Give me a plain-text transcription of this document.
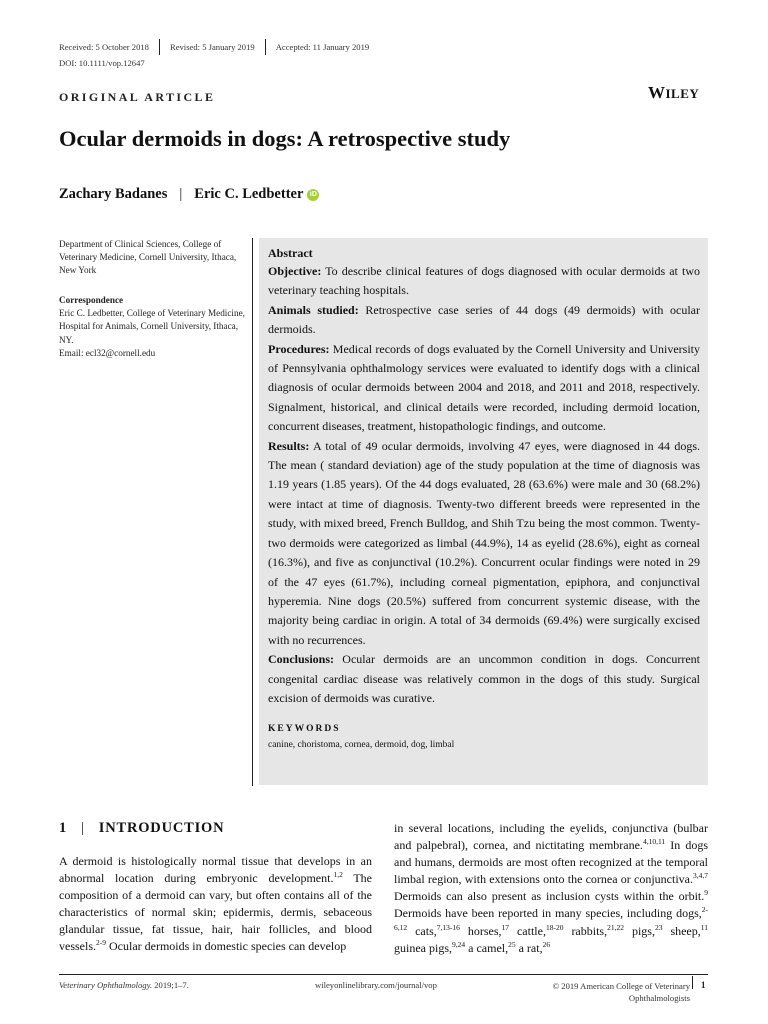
Received: 5 October 2018 Revised: 5 January 2019 Accepted: 11 January 2019
DOI: 10.1111/vop.12647
ORIGINAL ARTICLE	WILEY
Ocular dermoids in dogs: A retrospective study
Zachary Badanes | Eric C. Ledbetter iD
Department of Clinical Sciences, College of Veterinary Medicine, Cornell University, Ithaca, New York
Correspondence
Eric C. Ledbetter, College of Veterinary Medicine, Hospital for Animals, Cornell University, Ithaca, NY.
Email: ecl32@cornell.edu
Abstract

Objective: To describe clinical features of dogs diagnosed with ocular dermoids at two veterinary teaching hospitals.

Animals studied: Retrospective case series of 44 dogs (49 dermoids) with ocular dermoids.

Procedures: Medical records of dogs evaluated by the Cornell University and University of Pennsylvania ophthalmology services were evaluated to identify dogs with a clinical diagnosis of ocular dermoids between 2004 and 2018, and 2011 and 2018, respectively. Signalment, historical, and clinical details were recorded, including dermoid location, concurrent diseases, treatment, histopathologic findings, and outcome.

Results: A total of 49 ocular dermoids, involving 47 eyes, were diagnosed in 44 dogs. The mean ( standard deviation) age of the study population at the time of diagnosis was 1.19 years (1.85 years). Of the 44 dogs evaluated, 28 (63.6%) were male and 30 (68.2%) were intact at time of diagnosis. Twenty-two different breeds were represented in the study, with mixed breed, French Bulldog, and Shih Tzu being the most common. Twenty-two dermoids were categorized as limbal (44.9%), 14 as eyelid (28.6%), eight as corneal (16.3%), and five as conjunctival (10.2%). Concurrent ocular findings were noted in 29 of the 47 eyes (61.7%), including corneal pigmentation, epiphora, and conjunctival hyperemia. Nine dogs (20.5%) suffered from concurrent systemic disease, with the majority being cardiac in origin. A total of 34 dermoids (69.4%) were surgically excised with no recurrences.

Conclusions: Ocular dermoids are an uncommon condition in dogs. Concurrent congenital cardiac disease was relatively common in the dogs of this study. Surgical excision of dermoids was curative.

KEYWORDS
canine, choristoma, cornea, dermoid, dog, limbal
1 | INTRODUCTION
A dermoid is histologically normal tissue that develops in an abnormal location during embryonic development.$^{1,2}$ The composition of a dermoid can vary, but often contains all of the characteristics of normal skin; epidermis, dermis, sebaceous glandular tissue, fat tissue, hair, hair follicles, and blood vessels.$^{2-9}$ Ocular dermoids in domestic species can develop
in several locations, including the eyelids, conjunctiva (bulbar and palpebral), cornea, and nictitating membrane.$^{4,10,11}$ In dogs and humans, dermoids are most often recognized at the temporal limbal region, with extensions onto the cornea or conjunctiva.$^{3,4,7}$ Dermoids can also present as inclusion cysts within the orbit.$^9$ Dermoids have been reported in many species, including dogs,$^{2-6,12}$ cats,$^{7,13-16}$ horses,$^{17}$ cattle,$^{18-20}$ rabbits,$^{21,22}$ pigs,$^{23}$ sheep,$^{11}$ guinea pigs,$^{9,24}$ a camel,$^{25}$ a rat,$^{26}$
Veterinary Ophthalmology. 2019;1–7.	wileyonlinelibrary.com/journal/vop	© 2019 American College of Veterinary Ophthalmologists
1
